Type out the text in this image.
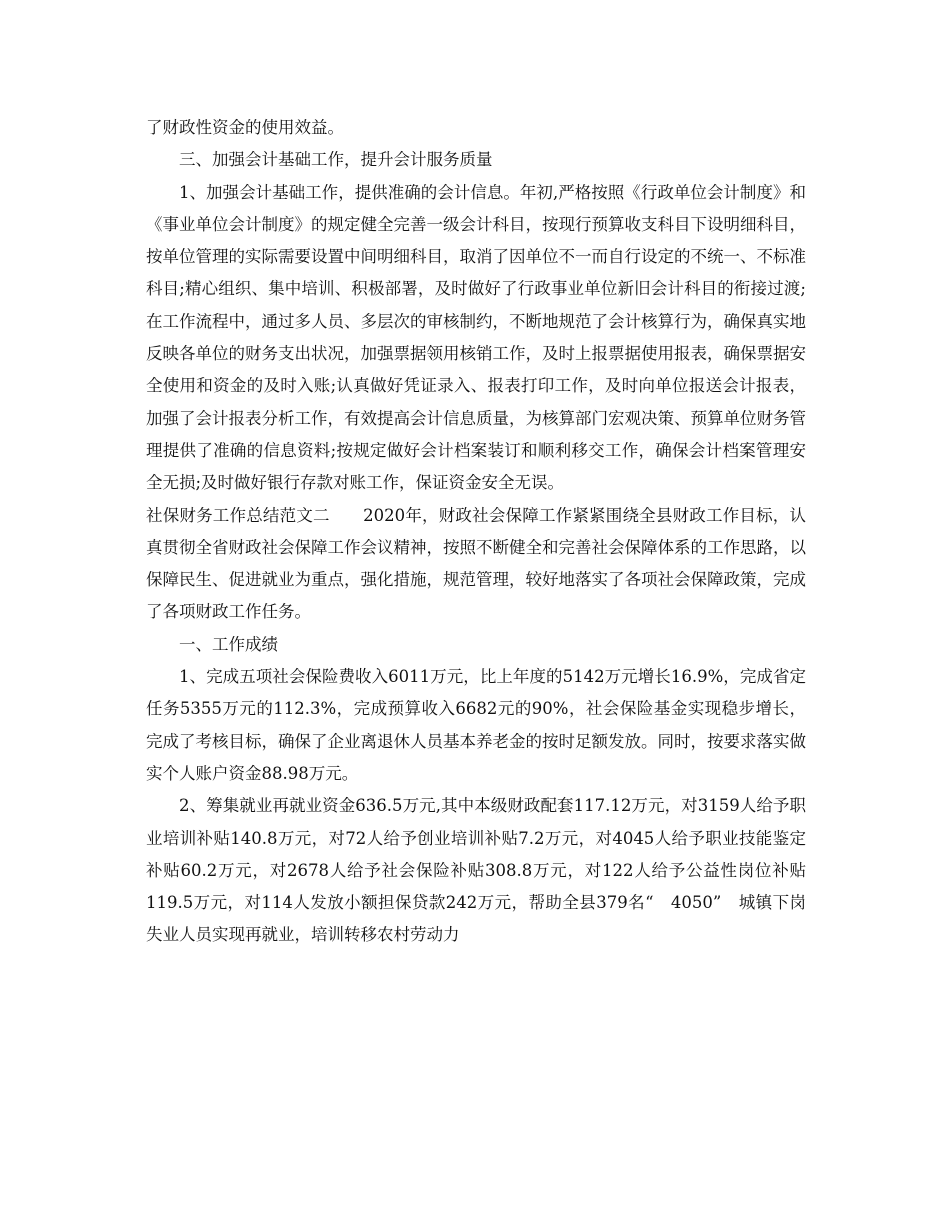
了财政性资金的使用效益。

三、加强会计基础工作，提升会计服务质量

1、加强会计基础工作，提供准确的会计信息。年初,严格按照《行政单位会计制度》和《事业单位会计制度》的规定健全完善一级会计科目，按现行预算收支科目下设明细科目，按单位管理的实际需要设置中间明细科目，取消了因单位不一而自行设定的不统一、不标准科目;精心组织、集中培训、积极部署，及时做好了行政事业单位新旧会计科目的衔接过渡;在工作流程中，通过多人员、多层次的审核制约，不断地规范了会计核算行为，确保真实地反映各单位的财务支出状况，加强票据领用核销工作，及时上报票据使用报表，确保票据安全使用和资金的及时入账;认真做好凭证录入、报表打印工作，及时向单位报送会计报表，加强了会计报表分析工作，有效提高会计信息质量，为核算部门宏观决策、预算单位财务管理提供了准确的信息资料;按规定做好会计档案装订和顺利移交工作，确保会计档案管理安全无损;及时做好银行存款对账工作，保证资金安全无误。

社保财务工作总结范文二　　2020年，财政社会保障工作紧紧围绕全县财政工作目标，认真贯彻全省财政社会保障工作会议精神，按照不断健全和完善社会保障体系的工作思路，以保障民生、促进就业为重点，强化措施，规范管理，较好地落实了各项社会保障政策，完成了各项财政工作任务。

一、工作成绩

1、完成五项社会保险费收入6011万元，比上年度的5142万元增长16.9%，完成省定任务5355万元的112.3%，完成预算收入6682元的90%，社会保险基金实现稳步增长，完成了考核目标，确保了企业离退休人员基本养老金的按时足额发放。同时，按要求落实做实个人账户资金88.98万元。

2、筹集就业再就业资金636.5万元,其中本级财政配套117.12万元，对3159人给予职业培训补贴140.8万元，对72人给予创业培训补贴7.2万元，对4045人给予职业技能鉴定补贴60.2万元，对2678人给予社会保险补贴308.8万元，对122人给予公益性岗位补贴119.5万元，对114人发放小额担保贷款242万元，帮助全县379名“　4050”　城镇下岗失业人员实现再就业，培训转移农村劳动力
